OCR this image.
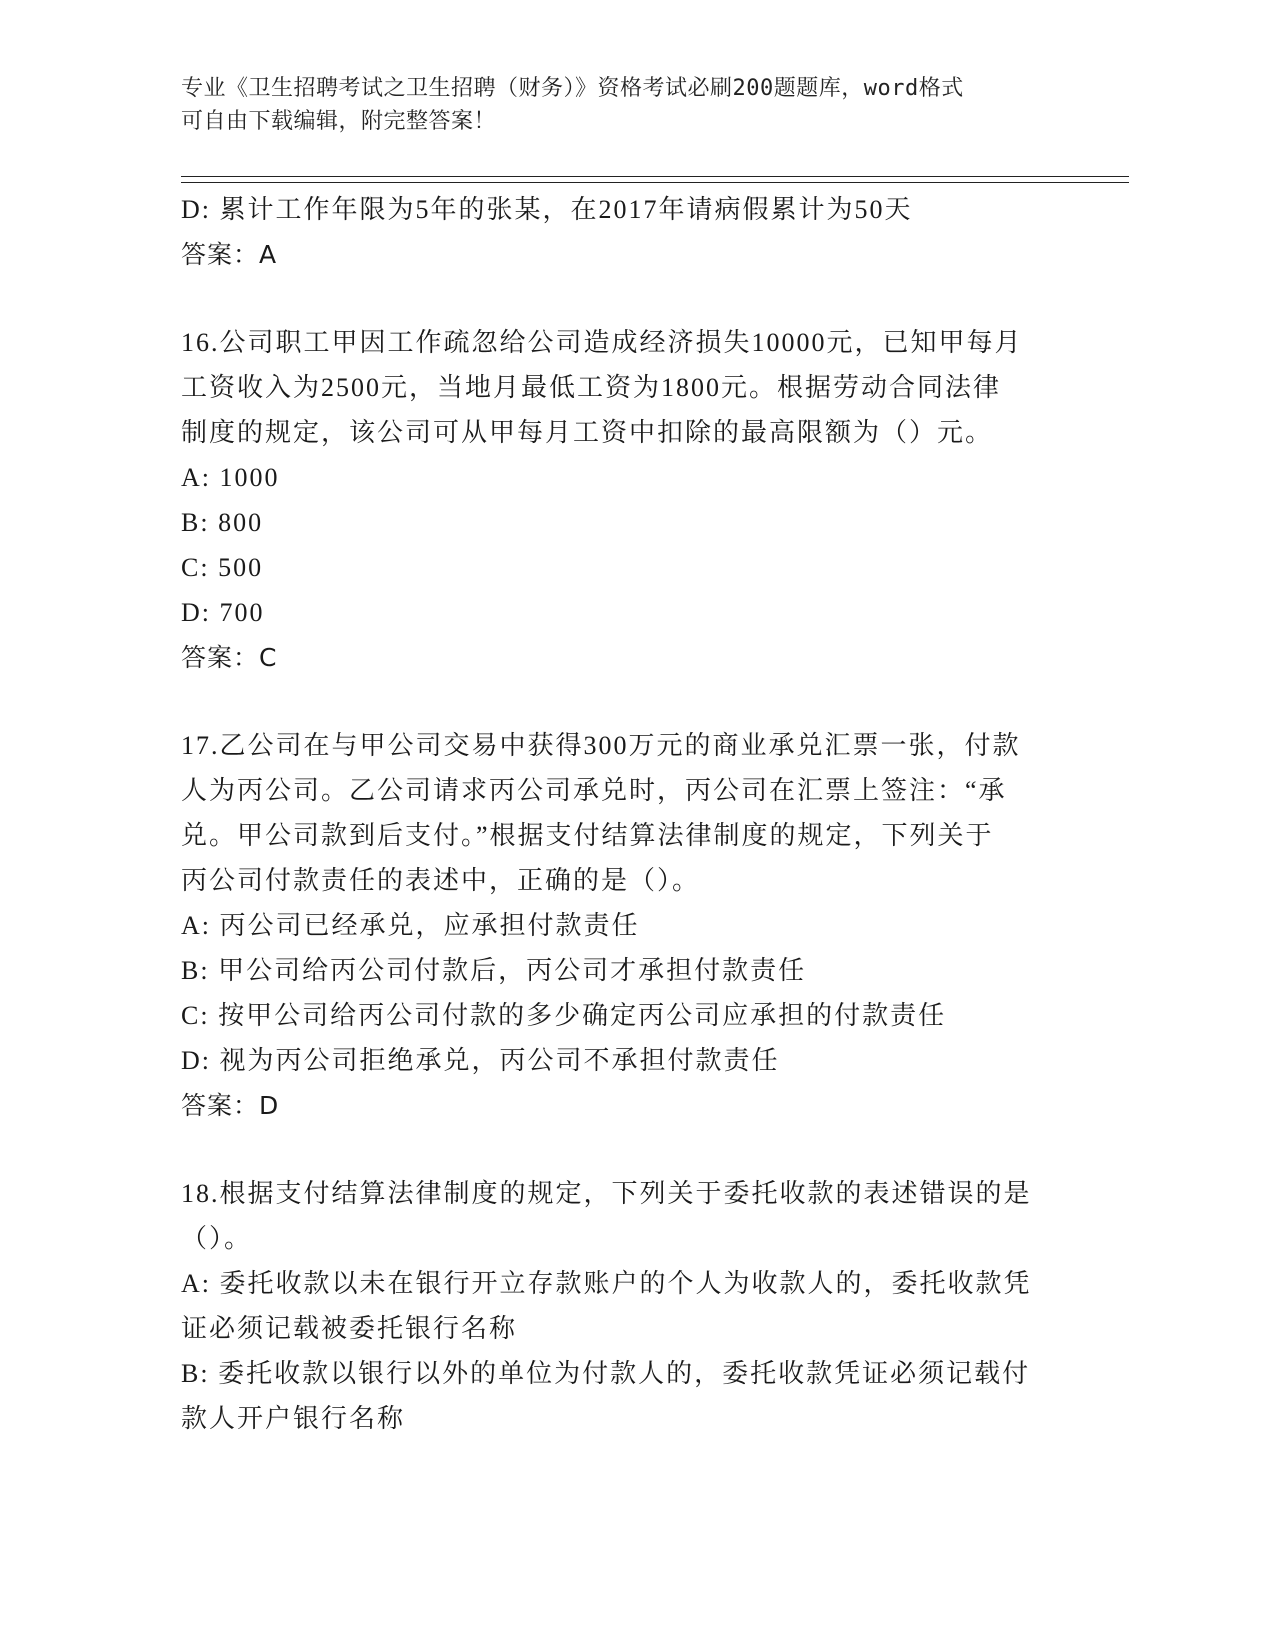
专业《卫生招聘考试之卫生招聘（财务）》资格考试必刷200题题库，word格式
可自由下载编辑，附完整答案！
D: 累计工作年限为5年的张某，在2017年请病假累计为50天
答案：A
16.公司职工甲因工作疏忽给公司造成经济损失10000元，已知甲每月
工资收入为2500元，当地月最低工资为1800元。根据劳动合同法律
制度的规定，该公司可从甲每月工资中扣除的最高限额为（）元。
A: 1000
B: 800
C: 500
D: 700
答案：C
17.乙公司在与甲公司交易中获得300万元的商业承兑汇票一张，付款
人为丙公司。乙公司请求丙公司承兑时，丙公司在汇票上签注：“承
兑。甲公司款到后支付。”根据支付结算法律制度的规定，下列关于
丙公司付款责任的表述中，正确的是（）。
A: 丙公司已经承兑，应承担付款责任
B: 甲公司给丙公司付款后，丙公司才承担付款责任
C: 按甲公司给丙公司付款的多少确定丙公司应承担的付款责任
D: 视为丙公司拒绝承兑，丙公司不承担付款责任
答案：D
18.根据支付结算法律制度的规定，下列关于委托收款的表述错误的是
（）。
A: 委托收款以未在银行开立存款账户的个人为收款人的，委托收款凭
证必须记载被委托银行名称
B: 委托收款以银行以外的单位为付款人的，委托收款凭证必须记载付
款人开户银行名称
